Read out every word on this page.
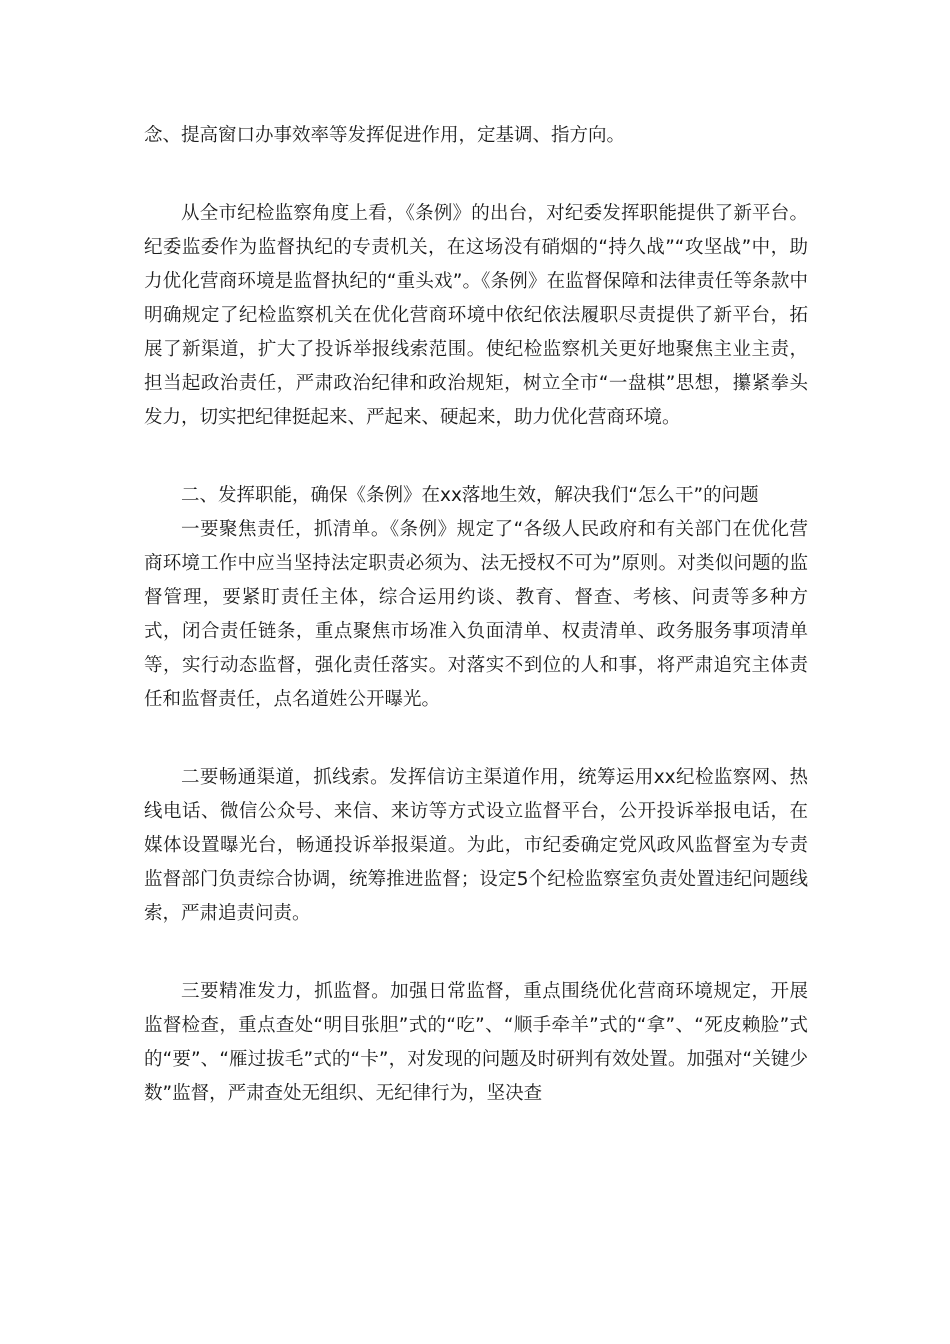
念、提高窗口办事效率等发挥促进作用，定基调、指方向。

从全市纪检监察角度上看，《条例》的出台，对纪委发挥职能提供了新平台。纪委监委作为监督执纪的专责机关，在这场没有硝烟的“持久战”“攻坚战”中，助力优化营商环境是监督执纪的“重头戏”。《条例》在监督保障和法律责任等条款中明确规定了纪检监察机关在优化营商环境中依纪依法履职尽责提供了新平台，拓展了新渠道，扩大了投诉举报线索范围。使纪检监察机关更好地聚焦主业主责，担当起政治责任，严肃政治纪律和政治规矩，树立全市“一盘棋”思想，攥紧拳头发力，切实把纪律挺起来、严起来、硬起来，助力优化营商环境。

二、发挥职能，确保《条例》在xx落地生效，解决我们“怎么干”的问题

一要聚焦责任，抓清单。《条例》规定了“各级人民政府和有关部门在优化营商环境工作中应当坚持法定职责必须为、法无授权不可为”原则。对类似问题的监督管理，要紧盯责任主体，综合运用约谈、教育、督查、考核、问责等多种方式，闭合责任链条，重点聚焦市场准入负面清单、权责清单、政务服务事项清单等，实行动态监督，强化责任落实。对落实不到位的人和事，将严肃追究主体责任和监督责任，点名道姓公开曝光。

二要畅通渠道，抓线索。发挥信访主渠道作用，统筹运用xx纪检监察网、热线电话、微信公众号、来信、来访等方式设立监督平台，公开投诉举报电话，在媒体设置曝光台，畅通投诉举报渠道。为此，市纪委确定党风政风监督室为专责监督部门负责综合协调，统筹推进监督；设定5个纪检监察室负责处置违纪问题线索，严肃追责问责。

三要精准发力，抓监督。加强日常监督，重点围绕优化营商环境规定，开展监督检查，重点查处“明目张胆”式的“吃”、“顺手牵羊”式的“拿”、“死皮赖脸”式的“要”、“雁过拔毛”式的“卡”，对发现的问题及时研判有效处置。加强对“关键少数”监督，严肃查处无组织、无纪律行为，坚决查
